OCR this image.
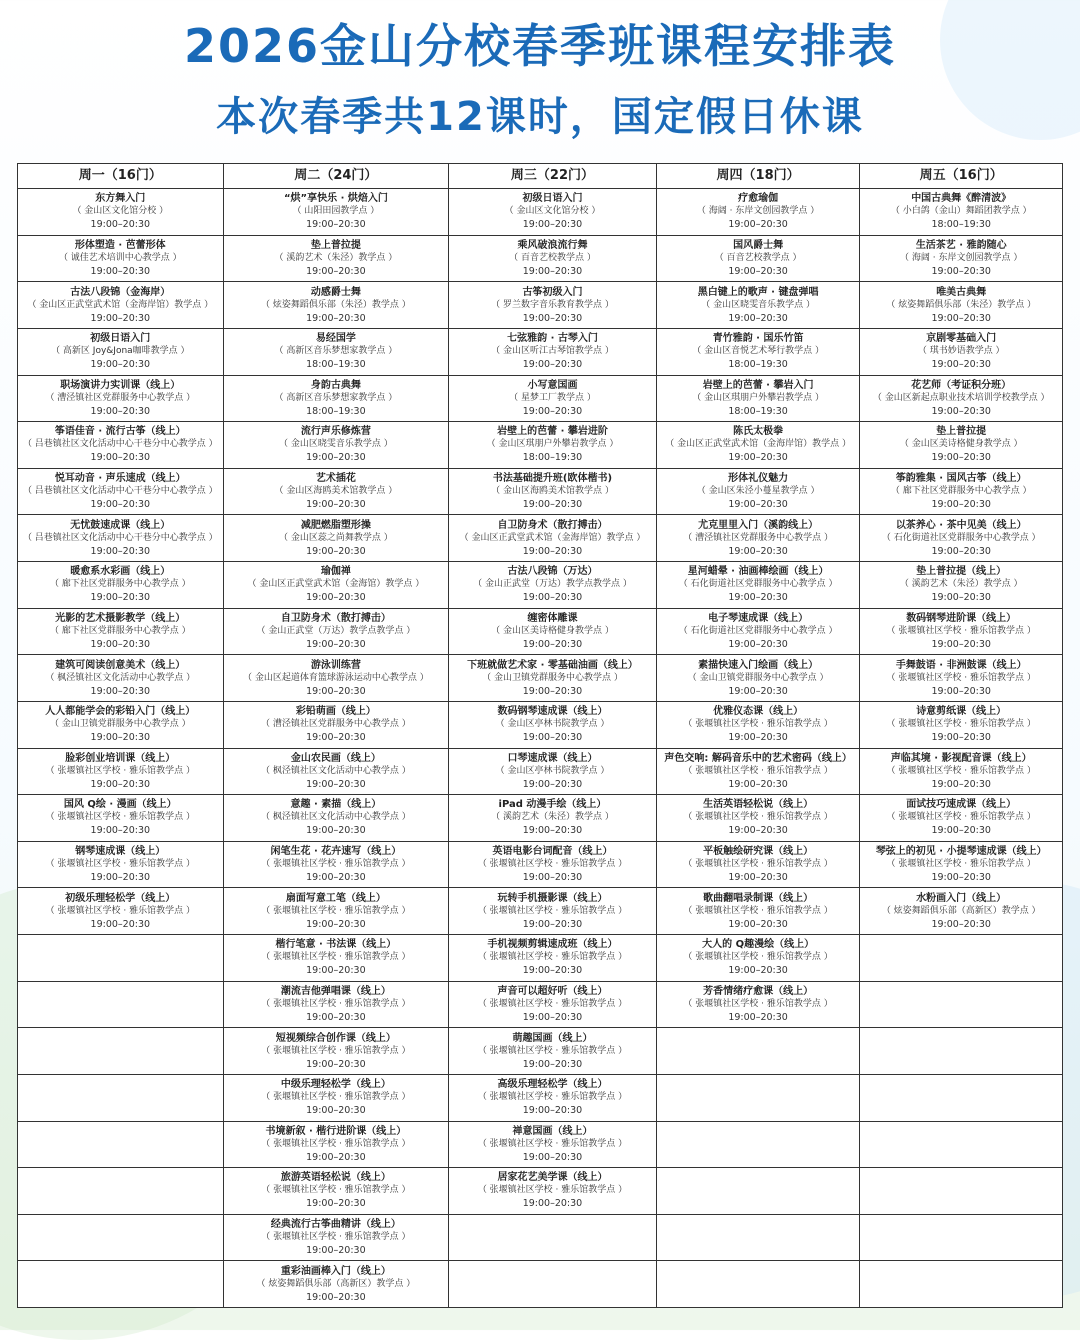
2026金山分校春季班课程安排表
本次春季共12课时，国定假日休课
周一（16门）
东方舞入门
（ 金山区文化馆分校 ）
19:00–20:30
形体塑造 · 芭蕾形体
（ 诚佳艺术培训中心教学点 ）
19:00–20:30
古法八段锦（金海岸）
（ 金山区正武堂武术馆（金海岸馆）教学点 ）
19:00–20:30
初级日语入门
（ 高新区 Joy&Jona咖啡教学点 ）
19:00–20:30
职场演讲力实训课（线上）
（ 漕泾镇社区党群服务中心教学点 ）
19:00–20:30
筝语佳音 · 流行古筝（线上）
（ 吕巷镇社区文化活动中心干巷分中心教学点 ）
19:00–20:30
悦耳动音 · 声乐速成（线上）
（ 吕巷镇社区文化活动中心干巷分中心教学点 ）
19:00–20:30
无忧鼓速成课（线上）
（ 吕巷镇社区文化活动中心干巷分中心教学点 ）
19:00–20:30
暖愈系水彩画（线上）
（ 廊下社区党群服务中心教学点 ）
19:00–20:30
光影的艺术摄影教学（线上）
（ 廊下社区党群服务中心教学点 ）
19:00–20:30
建筑可阅读创意美术（线上）
（ 枫泾镇社区文化活动中心教学点 ）
19:00–20:30
人人都能学会的彩铅入门（线上）
（ 金山卫镇党群服务中心教学点 ）
19:00–20:30
脸彩创业培训课（线上）
（ 张堰镇社区学校 · 雅乐馆教学点 ）
19:00–20:30
国风 Q绘 · 漫画（线上）
（ 张堰镇社区学校 · 雅乐馆教学点 ）
19:00–20:30
钢琴速成课（线上）
（ 张堰镇社区学校 · 雅乐馆教学点 ）
19:00–20:30
初级乐理轻松学（线上）
（ 张堰镇社区学校 · 雅乐馆教学点 ）
19:00–20:30
周二（24门）
“烘”享快乐 · 烘焙入门
（ 山阳田园教学点 ）
19:00–20:30
垫上普拉提
（ 溪韵艺术（朱泾）教学点 ）
19:00–20:30
动感爵士舞
（ 炫姿舞蹈俱乐部（朱泾）教学点 ）
19:00–20:30
易经国学
（ 高新区音乐梦想家教学点 ）
18:00–19:30
身韵古典舞
（ 高新区音乐梦想家教学点 ）
18:00–19:30
流行声乐修炼营
（ 金山区晓雯音乐教学点 ）
19:00–20:30
艺术插花
（ 金山区海鸥美术馆教学点 ）
19:00–20:30
减肥燃脂塑形操
（ 金山区蕊之尚舞教学点 ）
19:00–20:30
瑜伽禅
（ 金山区正武堂武术馆（金海馆）教学点 ）
19:00–20:30
自卫防身术（散打搏击）
（ 金山正武堂（万达）教学点教学点 ）
19:00–20:30
游泳训练营
（ 金山区起道体育篮球游泳运动中心教学点 ）
19:00–20:30
彩铅萌画（线上）
（ 漕泾镇社区党群服务中心教学点 ）
19:00–20:30
金山农民画（线上）
（ 枫泾镇社区文化活动中心教学点 ）
19:00–20:30
意趣 · 素描（线上）
（ 枫泾镇社区文化活动中心教学点 ）
19:00–20:30
闲笔生花 · 花卉速写（线上）
（ 张堰镇社区学校 · 雅乐馆教学点 ）
19:00–20:30
扇面写意工笔（线上）
（ 张堰镇社区学校 · 雅乐馆教学点 ）
19:00–20:30
楷行笔意 · 书法课（线上）
（ 张堰镇社区学校 · 雅乐馆教学点 ）
19:00–20:30
潮流吉他弹唱课（线上）
（ 张堰镇社区学校 · 雅乐馆教学点 ）
19:00–20:30
短视频综合创作课（线上）
（ 张堰镇社区学校 · 雅乐馆教学点 ）
19:00–20:30
中级乐理轻松学（线上）
（ 张堰镇社区学校 · 雅乐馆教学点 ）
19:00–20:30
书境新叙 · 楷行进阶课（线上）
（ 张堰镇社区学校 · 雅乐馆教学点 ）
19:00–20:30
旅游英语轻松说（线上）
（ 张堰镇社区学校 · 雅乐馆教学点 ）
19:00–20:30
经典流行古筝曲精讲（线上）
（ 张堰镇社区学校 · 雅乐馆教学点 ）
19:00–20:30
重彩油画棒入门（线上）
（ 炫姿舞蹈俱乐部（高新区）教学点 ）
19:00–20:30
周三（22门）
初级日语入门
（ 金山区文化馆分校 ）
19:00–20:30
乘风破浪流行舞
（ 百音艺校教学点 ）
19:00–20:30
古筝初级入门
（ 罗兰数字音乐教育教学点 ）
19:00–20:30
七弦雅韵 · 古琴入门
（ 金山区听江古琴馆教学点 ）
19:00–20:30
小写意国画
（ 星梦工厂教学点 ）
19:00–20:30
岩壁上的芭蕾 · 攀岩进阶
（ 金山区琪朋户外攀岩教学点 ）
18:00–19:30
书法基础提升班(欧体楷书)
（ 金山区海鸥美术馆教学点 ）
19:00–20:30
自卫防身术（散打搏击）
（ 金山区正武堂武术馆（金海岸馆）教学点 ）
19:00–20:30
古法八段锦（万达）
（ 金山正武堂（万达）教学点教学点 ）
19:00–20:30
缠密体雕课
（ 金山区美诗格健身教学点 ）
19:00–20:30
下班就做艺术家 · 零基础油画（线上）
（ 金山卫镇党群服务中心教学点 ）
19:00–20:30
数码钢琴速成课（线上）
（ 金山区亭林书院教学点 ）
19:00–20:30
口琴速成课（线上）
（ 金山区亭林书院教学点 ）
19:00–20:30
iPad 动漫手绘（线上）
（ 溪韵艺术（朱泾）教学点 ）
19:00–20:30
英语电影台词配音（线上）
（ 张堰镇社区学校 · 雅乐馆教学点 ）
19:00–20:30
玩转手机摄影课（线上）
（ 张堰镇社区学校 · 雅乐馆教学点 ）
19:00–20:30
手机视频剪辑速成班（线上）
（ 张堰镇社区学校 · 雅乐馆教学点 ）
19:00–20:30
声音可以超好听（线上）
（ 张堰镇社区学校 · 雅乐馆教学点 ）
19:00–20:30
萌趣国画（线上）
（ 张堰镇社区学校 · 雅乐馆教学点 ）
19:00–20:30
高级乐理轻松学（线上）
（ 张堰镇社区学校 · 雅乐馆教学点 ）
19:00–20:30
禅意国画（线上）
（ 张堰镇社区学校 · 雅乐馆教学点 ）
19:00–20:30
居家花艺美学课（线上）
（ 张堰镇社区学校 · 雅乐馆教学点 ）
19:00–20:30
周四（18门）
疗愈瑜伽
（ 海阔 · 东岸文创园教学点 ）
19:00–20:30
国风爵士舞
（ 百音艺校教学点 ）
19:00–20:30
黑白键上的歌声 · 键盘弹唱
（ 金山区晓雯音乐教学点 ）
19:00–20:30
青竹雅韵 · 国乐竹笛
（ 金山区音悦艺术琴行教学点 ）
18:00–19:30
岩壁上的芭蕾 · 攀岩入门
（ 金山区琪朋户外攀岩教学点 ）
18:00–19:30
陈氏太极拳
（ 金山区正武堂武术馆（金海岸馆）教学点 ）
19:00–20:30
形体礼仪魅力
（ 金山区朱泾小蔓星教学点 ）
19:00–20:30
尤克里里入门（溪韵线上）
（ 漕泾镇社区党群服务中心教学点 ）
19:00–20:30
星河蜡晕 · 油画棒绘画（线上）
（ 石化街道社区党群服务中心教学点 ）
19:00–20:30
电子琴速成课（线上）
（ 石化街道社区党群服务中心教学点 ）
19:00–20:30
素描快速入门绘画（线上）
（ 金山卫镇党群服务中心教学点 ）
19:00–20:30
优雅仪态课（线上）
（ 张堰镇社区学校 · 雅乐馆教学点 ）
19:00–20:30
声色交响: 解码音乐中的艺术密码（线上）
（ 张堰镇社区学校 · 雅乐馆教学点 ）
19:00–20:30
生活英语轻松说（线上）
（ 张堰镇社区学校 · 雅乐馆教学点 ）
19:00–20:30
平板触绘研究课（线上）
（ 张堰镇社区学校 · 雅乐馆教学点 ）
19:00–20:30
歌曲翻唱录制课（线上）
（ 张堰镇社区学校 · 雅乐馆教学点 ）
19:00–20:30
大人的 Q趣漫绘（线上）
（ 张堰镇社区学校 · 雅乐馆教学点 ）
19:00–20:30
芳香情绪疗愈课（线上）
（ 张堰镇社区学校 · 雅乐馆教学点 ）
19:00–20:30
周五（16门）
中国古典舞《醉清波》
（ 小白鸽（金山）舞蹈团教学点 ）
18:00–19:30
生活茶艺 · 雅韵随心
（ 海阔 · 东岸文创园教学点 ）
19:00–20:30
唯美古典舞
（ 炫姿舞蹈俱乐部（朱泾）教学点 ）
19:00–20:30
京剧零基础入门
（ 琪书妙语教学点 ）
19:00–20:30
花艺师（考证积分班）
（ 金山区新起点职业技术培训学校教学点 ）
19:00–20:30
垫上普拉提
（ 金山区美诗格健身教学点 ）
19:00–20:30
筝韵雅集 · 国风古筝（线上）
（ 廊下社区党群服务中心教学点 ）
19:00–20:30
以茶养心 · 茶中见美（线上）
（ 石化街道社区党群服务中心教学点 ）
19:00–20:30
垫上普拉提（线上）
（ 溪韵艺术（朱泾）教学点 ）
19:00–20:30
数码钢琴进阶课（线上）
（ 张堰镇社区学校 · 雅乐馆教学点 ）
19:00–20:30
手舞鼓语 · 非洲鼓课（线上）
（ 张堰镇社区学校 · 雅乐馆教学点 ）
19:00–20:30
诗意剪纸课（线上）
（ 张堰镇社区学校 · 雅乐馆教学点 ）
19:00–20:30
声临其境 · 影视配音课（线上）
（ 张堰镇社区学校 · 雅乐馆教学点 ）
19:00–20:30
面试技巧速成课（线上）
（ 张堰镇社区学校 · 雅乐馆教学点 ）
19:00–20:30
琴弦上的初见 · 小提琴速成课（线上）
（ 张堰镇社区学校 · 雅乐馆教学点 ）
19:00–20:30
水粉画入门（线上）
（ 炫姿舞蹈俱乐部（高新区）教学点 ）
19:00–20:30
